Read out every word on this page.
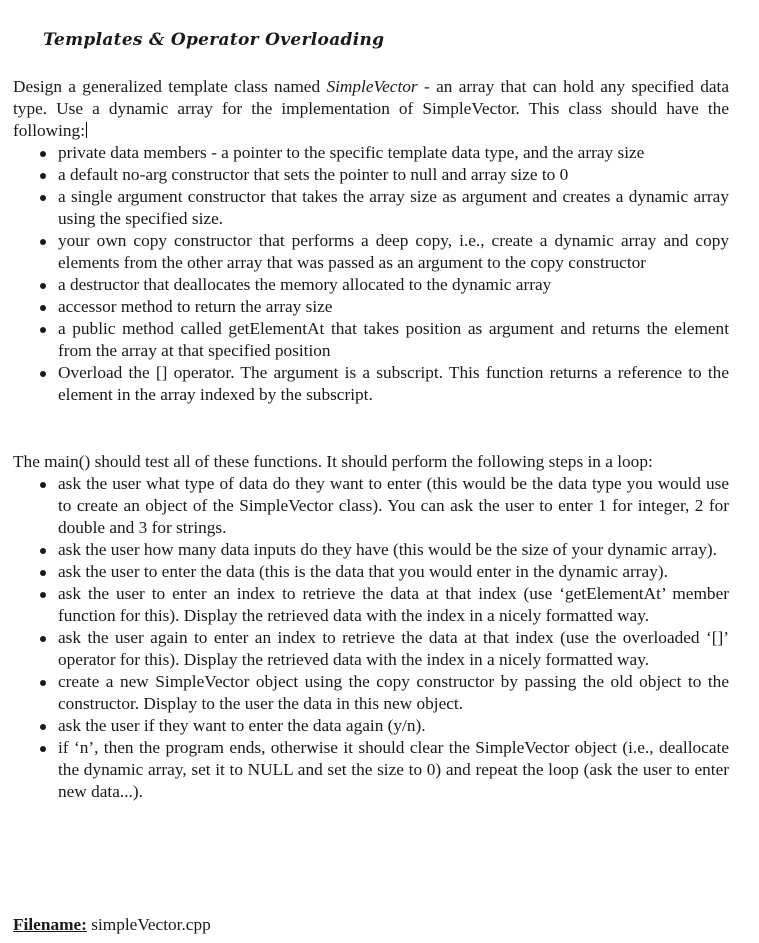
Templates & Operator Overloading

Design a generalized template class named SimpleVector - an array that can hold any specified data type. Use a dynamic array for the implementation of SimpleVector. This class should have the following:

private data members - a pointer to the specific template data type, and the array size
a default no-arg constructor that sets the pointer to null and array size to 0
a single argument constructor that takes the array size as argument and creates a dynamic array using the specified size.
your own copy constructor that performs a deep copy, i.e., create a dynamic array and copy elements from the other array that was passed as an argument to the copy constructor
a destructor that deallocates the memory allocated to the dynamic array
accessor method to return the array size
a public method called getElementAt that takes position as argument and returns the element from the array at that specified position
Overload the [] operator. The argument is a subscript. This function returns a reference to the element in the array indexed by the subscript.

The main() should test all of these functions. It should perform the following steps in a loop:

ask the user what type of data do they want to enter (this would be the data type you would use to create an object of the SimpleVector class). You can ask the user to enter 1 for integer, 2 for double and 3 for strings.
ask the user how many data inputs do they have (this would be the size of your dynamic array).
ask the user to enter the data (this is the data that you would enter in the dynamic array).
ask the user to enter an index to retrieve the data at that index (use ‘getElementAt’ member function for this). Display the retrieved data with the index in a nicely formatted way.
ask the user again to enter an index to retrieve the data at that index (use the overloaded ‘[]’ operator for this). Display the retrieved data with the index in a nicely formatted way.
create a new SimpleVector object using the copy constructor by passing the old object to the constructor. Display to the user the data in this new object.
ask the user if they want to enter the data again (y/n).
if ‘n’, then the program ends, otherwise it should clear the SimpleVector object (i.e., deallocate the dynamic array, set it to NULL and set the size to 0) and repeat the loop (ask the user to enter new data...).
Filename: simpleVector.cpp
